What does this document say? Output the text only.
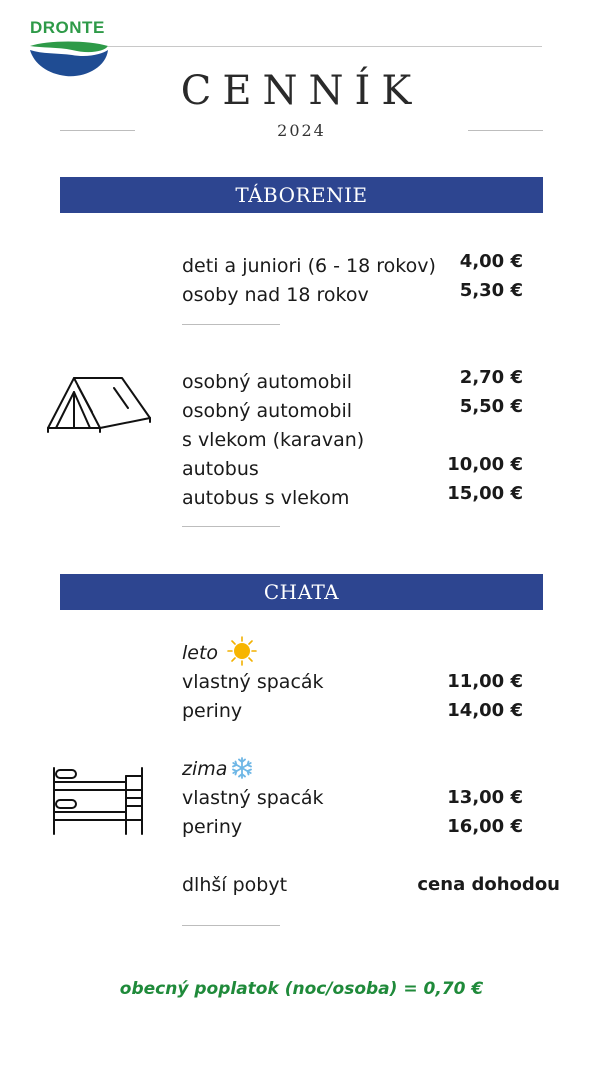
DRONTE
CENNÍK
2024
TÁBORENIE
deti a juniori (6 - 18 rokov) 4,00 €
osoby nad 18 rokov	5,30 €
osobný automobil	2,70 €
osobný automobil	5,50 €
s vlekom (karavan)
autobus	10,00 €
autobus s vlekom	15,00 €
CHATA
leto
vlastný spacák	11,00 €
periny	14,00 €
zima
vlastný spacák	13,00 €
periny	16,00 €
dlhší pobyt	cena dohodou
obecný poplatok (noc/osoba) = 0,70 €
